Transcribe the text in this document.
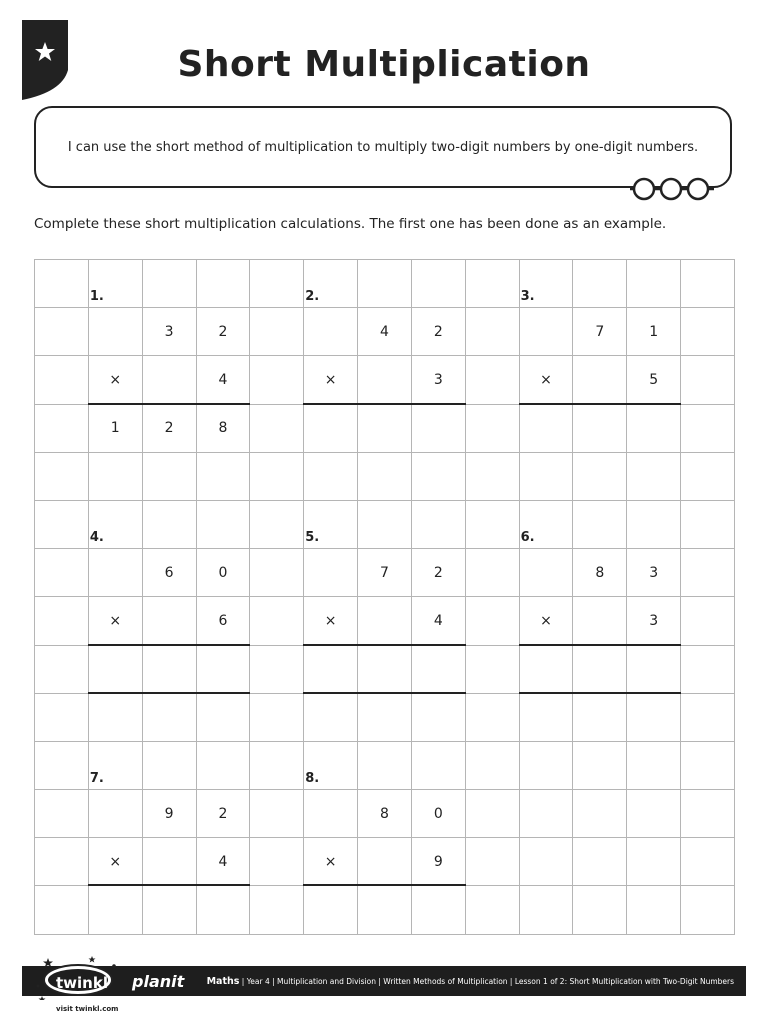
Short Multiplication
I can use the short method of multiplication to multiply two-digit numbers by one-digit numbers.
Complete these short multiplication calculations. The first one has been done as an example.
1.	2.	3.
3	2	4	2	7	1
×	4	×	3	×	5
1	2	8
4.	5.	6.
6	0	7	2	8	3
×	6	×	4	×	3
7.	8.
9	2	8	0
×	4	×	9
twinkl planit Maths | Year 4 | Multiplication and Division | Written Methods of Multiplication | Lesson 1 of 2: Short Multiplication with Two-Digit Numbers
visit twinkl.com
